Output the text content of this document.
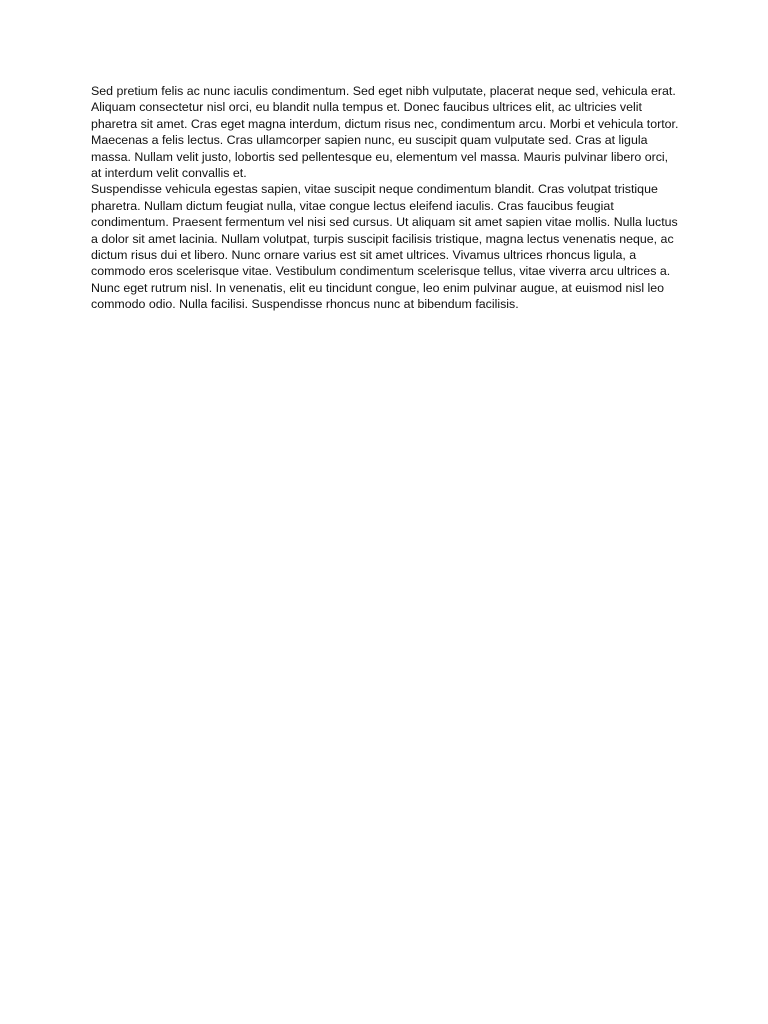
Sed pretium felis ac nunc iaculis condimentum. Sed eget nibh vulputate, placerat neque sed, vehicula erat. Aliquam consectetur nisl orci, eu blandit nulla tempus et. Donec faucibus ultrices elit, ac ultricies velit pharetra sit amet. Cras eget magna interdum, dictum risus nec, condimentum arcu. Morbi et vehicula tortor. Maecenas a felis lectus. Cras ullamcorper sapien nunc, eu suscipit quam vulputate sed. Cras at ligula massa. Nullam velit justo, lobortis sed pellentesque eu, elementum vel massa. Mauris pulvinar libero orci, at interdum velit convallis et.

Suspendisse vehicula egestas sapien, vitae suscipit neque condimentum blandit. Cras volutpat tristique pharetra. Nullam dictum feugiat nulla, vitae congue lectus eleifend iaculis. Cras faucibus feugiat condimentum. Praesent fermentum vel nisi sed cursus. Ut aliquam sit amet sapien vitae mollis. Nulla luctus a dolor sit amet lacinia. Nullam volutpat, turpis suscipit facilisis tristique, magna lectus venenatis neque, ac dictum risus dui et libero. Nunc ornare varius est sit amet ultrices. Vivamus ultrices rhoncus ligula, a commodo eros scelerisque vitae. Vestibulum condimentum scelerisque tellus, vitae viverra arcu ultrices a. Nunc eget rutrum nisl. In venenatis, elit eu tincidunt congue, leo enim pulvinar augue, at euismod nisl leo commodo odio. Nulla facilisi. Suspendisse rhoncus nunc at bibendum facilisis.
